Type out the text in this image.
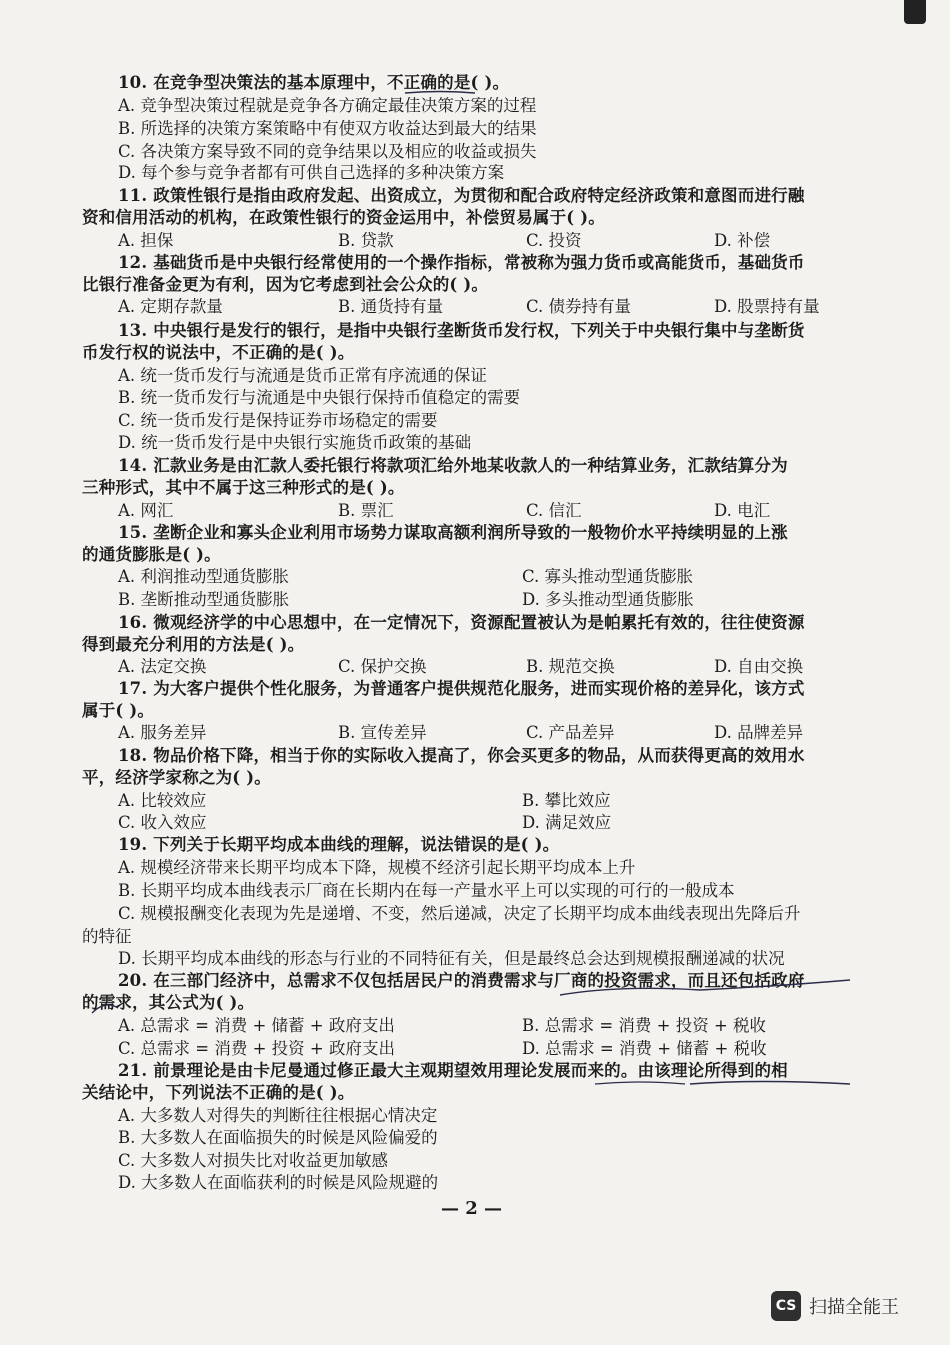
10. 在竞争型决策法的基本原理中，不正确的是( )。
A. 竞争型决策过程就是竞争各方确定最佳决策方案的过程
B. 所选择的决策方案策略中有使双方收益达到最大的结果
C. 各决策方案导致不同的竞争结果以及相应的收益或损失
D. 每个参与竞争者都有可供自己选择的多种决策方案
11. 政策性银行是指由政府发起、出资成立，为贯彻和配合政府特定经济政策和意图而进行融
资和信用活动的机构，在政策性银行的资金运用中，补偿贸易属于( )。
A. 担保	B. 贷款	C. 投资	D. 补偿
12. 基础货币是中央银行经常使用的一个操作指标，常被称为强力货币或高能货币，基础货币
比银行准备金更为有利，因为它考虑到社会公众的( )。
A. 定期存款量	B. 通货持有量	C. 债券持有量	D. 股票持有量
13. 中央银行是发行的银行，是指中央银行垄断货币发行权，下列关于中央银行集中与垄断货
币发行权的说法中，不正确的是( )。
A. 统一货币发行与流通是货币正常有序流通的保证
B. 统一货币发行与流通是中央银行保持币值稳定的需要
C. 统一货币发行是保持证券市场稳定的需要
D. 统一货币发行是中央银行实施货币政策的基础
14. 汇款业务是由汇款人委托银行将款项汇给外地某收款人的一种结算业务，汇款结算分为
三种形式，其中不属于这三种形式的是( )。
A. 网汇	B. 票汇	C. 信汇	D. 电汇
15. 垄断企业和寡头企业利用市场势力谋取高额利润所导致的一般物价水平持续明显的上涨
的通货膨胀是( )。
A. 利润推动型通货膨胀	C. 寡头推动型通货膨胀
B. 垄断推动型通货膨胀	D. 多头推动型通货膨胀
16. 微观经济学的中心思想中，在一定情况下，资源配置被认为是帕累托有效的，往往使资源
得到最充分利用的方法是( )。
A. 法定交换	C. 保护交换	B. 规范交换	D. 自由交换
17. 为大客户提供个性化服务，为普通客户提供规范化服务，进而实现价格的差异化，该方式
属于( )。
A. 服务差异	B. 宣传差异	C. 产品差异	D. 品牌差异
18. 物品价格下降，相当于你的实际收入提高了，你会买更多的物品，从而获得更高的效用水
平，经济学家称之为( )。
A. 比较效应	B. 攀比效应
C. 收入效应	D. 满足效应
19. 下列关于长期平均成本曲线的理解，说法错误的是( )。
A. 规模经济带来长期平均成本下降，规模不经济引起长期平均成本上升
B. 长期平均成本曲线表示厂商在长期内在每一产量水平上可以实现的可行的一般成本
C. 规模报酬变化表现为先是递增、不变，然后递减，决定了长期平均成本曲线表现出先降后升
的特征
D. 长期平均成本曲线的形态与行业的不同特征有关，但是最终总会达到规模报酬递减的状况
20. 在三部门经济中，总需求不仅包括居民户的消费需求与厂商的投资需求，而且还包括政府
的需求，其公式为( )。
A. 总需求 = 消费 + 储蓄 + 政府支出	B. 总需求 = 消费 + 投资 + 税收
C. 总需求 = 消费 + 投资 + 政府支出	D. 总需求 = 消费 + 储蓄 + 税收
21. 前景理论是由卡尼曼通过修正最大主观期望效用理论发展而来的。由该理论所得到的相
关结论中，下列说法不正确的是( )。
A. 大多数人对得失的判断往往根据心情决定
B. 大多数人在面临损失的时候是风险偏爱的
C. 大多数人对损失比对收益更加敏感
D. 大多数人在面临获利的时候是风险规避的
— 2 —
CS 扫描全能王
